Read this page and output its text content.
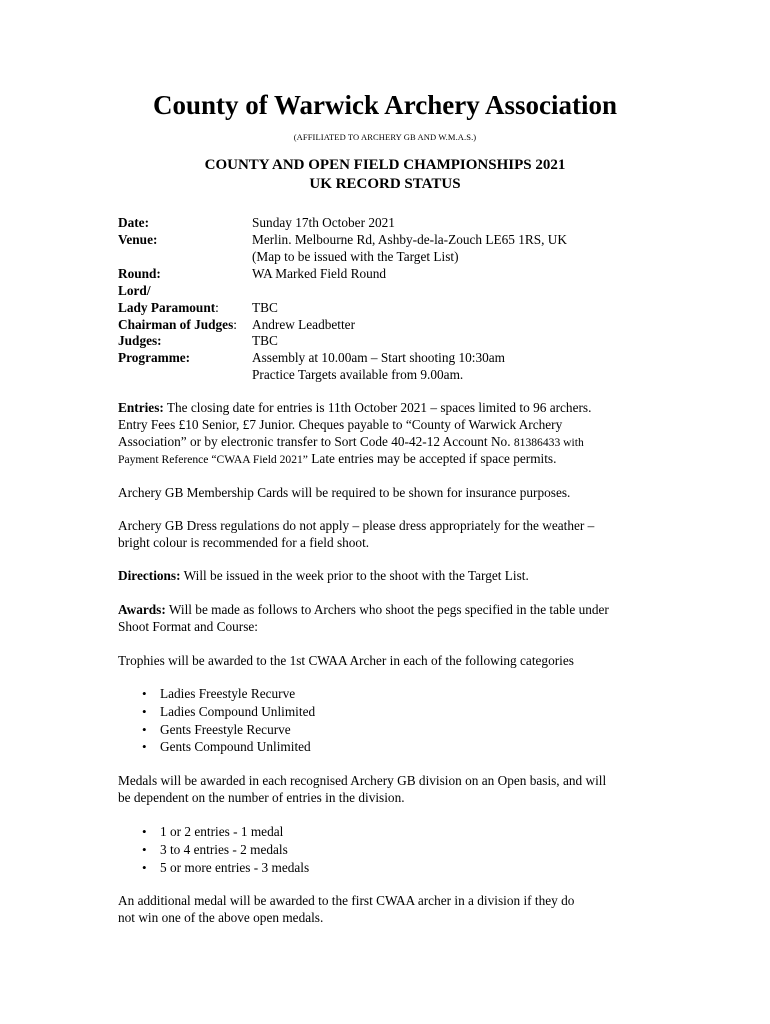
County of Warwick Archery Association
(AFFILIATED TO ARCHERY GB AND W.M.A.S.)
COUNTY AND OPEN FIELD CHAMPIONSHIPS 2021
UK RECORD STATUS
Date:	Sunday 17th October 2021
Venue:	Merlin. Melbourne Rd, Ashby-de-la-Zouch LE65 1RS, UK
(Map to be issued with the Target List)
Round:	WA Marked Field Round
Lord/
Lady Paramount: TBC
Chairman of Judges: Andrew Leadbetter
Judges:	TBC
Programme:	Assembly at 10.00am – Start shooting 10:30am
Practice Targets available from 9.00am.
Entries: The closing date for entries is 11th October 2021 – spaces limited to 96 archers.
Entry Fees £10 Senior, £7 Junior. Cheques payable to “County of Warwick Archery
Association” or by electronic transfer to Sort Code 40-42-12 Account No. 81386433 with
Payment Reference “CWAA Field 2021” Late entries may be accepted if space permits.
Archery GB Membership Cards will be required to be shown for insurance purposes.
Archery GB Dress regulations do not apply – please dress appropriately for the weather –
bright colour is recommended for a field shoot.
Directions: Will be issued in the week prior to the shoot with the Target List.
Awards: Will be made as follows to Archers who shoot the pegs specified in the table under
Shoot Format and Course:
Trophies will be awarded to the 1st CWAA Archer in each of the following categories
• Ladies Freestyle Recurve
• Ladies Compound Unlimited
• Gents Freestyle Recurve
• Gents Compound Unlimited
Medals will be awarded in each recognised Archery GB division on an Open basis, and will
be dependent on the number of entries in the division.
• 1 or 2 entries - 1 medal
• 3 to 4 entries - 2 medals
• 5 or more entries - 3 medals
An additional medal will be awarded to the first CWAA archer in a division if they do
not win one of the above open medals.
